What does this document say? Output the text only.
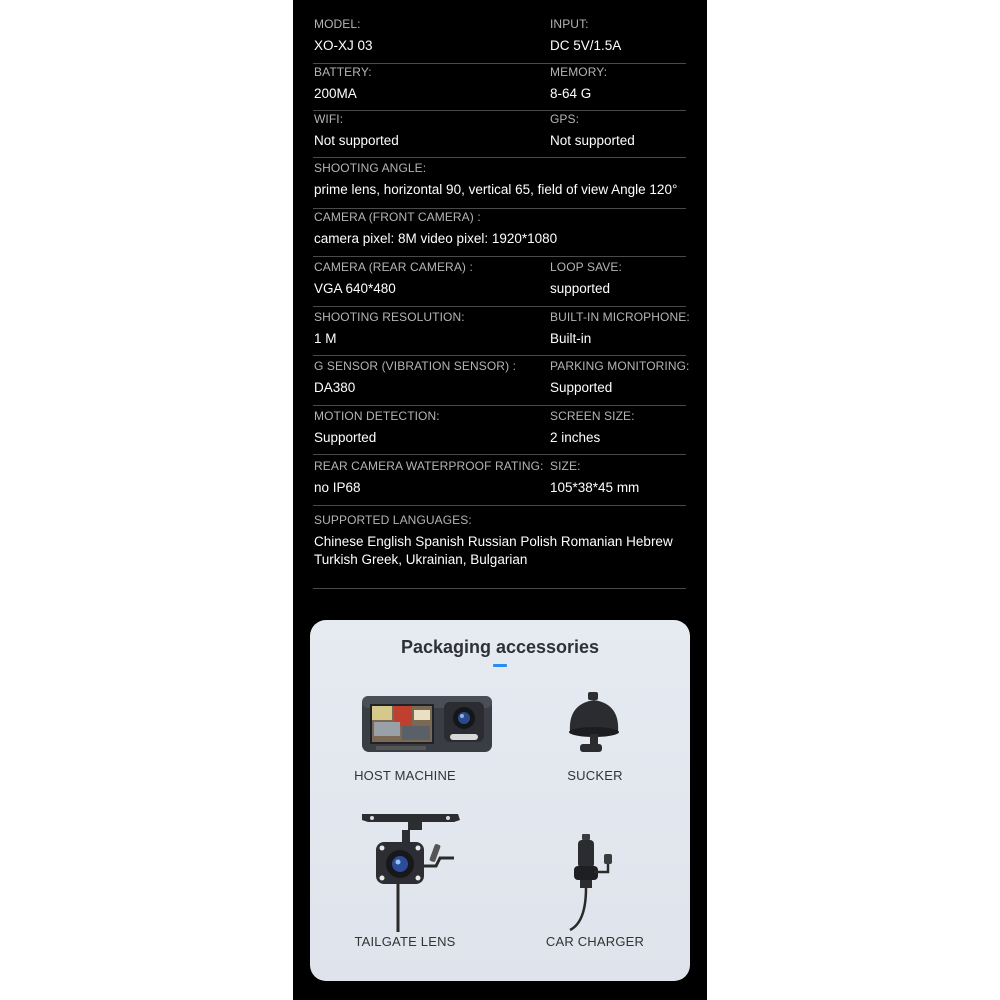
MODEL:
XO-XJ 03
INPUT:
DC 5V/1.5A
BATTERY:
200MA
MEMORY:
8-64 G
WIFI:
Not supported
GPS:
Not supported
SHOOTING ANGLE:
prime lens, horizontal 90, vertical 65, field of view Angle 120°
CAMERA (FRONT CAMERA) :
camera pixel: 8M video pixel: 1920*1080
CAMERA (REAR CAMERA) :
VGA 640*480
LOOP SAVE:
supported
SHOOTING RESOLUTION:
1 M
BUILT-IN MICROPHONE:
Built-in
G SENSOR (VIBRATION SENSOR) :
DA380
PARKING MONITORING:
Supported
MOTION DETECTION:
Supported
SCREEN SIZE:
2 inches
REAR CAMERA WATERPROOF RATING:
no IP68
SIZE:
105*38*45 mm
SUPPORTED LANGUAGES:
Chinese English Spanish Russian Polish Romanian Hebrew Turkish Greek, Ukrainian, Bulgarian
Packaging accessories
HOST MACHINE	SUCKER
TAILGATE LENS	CAR CHARGER
